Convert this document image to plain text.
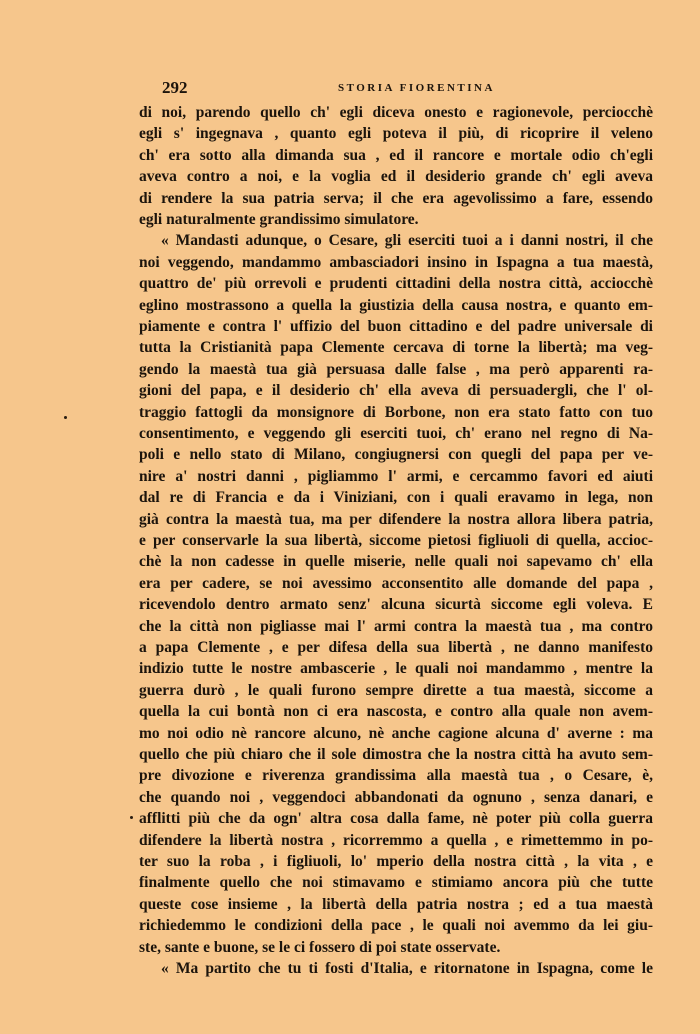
292	STORIA FIORENTINA
di noi, parendo quello ch' egli diceva onesto e ragionevole, perciocchè
egli s' ingegnava , quanto egli poteva il più, di ricoprire il veleno
ch' era sotto alla dimanda sua , ed il rancore e mortale odio ch'egli
aveva contro a noi, e la voglia ed il desiderio grande ch' egli aveva
di rendere la sua patria serva; il che era agevolissimo a fare, essendo
egli naturalmente grandissimo simulatore.
« Mandasti adunque, o Cesare, gli eserciti tuoi a i danni nostri, il che
noi veggendo, mandammo ambasciadori insino in Ispagna a tua maestà,
quattro de' più orrevoli e prudenti cittadini della nostra città, acciocchè
eglino mostrassono a quella la giustizia della causa nostra, e quanto em-
piamente e contra l' uffizio del buon cittadino e del padre universale di
tutta la Cristianità papa Clemente cercava di torne la libertà; ma veg-
gendo la maestà tua già persuasa dalle false , ma però apparenti ra-
gioni del papa, e il desiderio ch' ella aveva di persuadergli, che l' ol-
traggio fattogli da monsignore di Borbone, non era stato fatto con tuo
consentimento, e veggendo gli eserciti tuoi, ch' erano nel regno di Na-
poli e nello stato di Milano, congiugnersi con quegli del papa per ve-
nire a' nostri danni , pigliammo l' armi, e cercammo favori ed aiuti
dal re di Francia e da i Viniziani, con i quali eravamo in lega, non
già contra la maestà tua, ma per difendere la nostra allora libera patria,
e per conservarle la sua libertà, siccome pietosi figliuoli di quella, accioc-
chè la non cadesse in quelle miserie, nelle quali noi sapevamo ch' ella
era per cadere, se noi avessimo acconsentito alle domande del papa ,
ricevendolo dentro armato senz' alcuna sicurtà siccome egli voleva. E
che la città non pigliasse mai l' armi contra la maestà tua , ma contro
a papa Clemente , e per difesa della sua libertà , ne danno manifesto
indizio tutte le nostre ambascerie , le quali noi mandammo , mentre la
guerra durò , le quali furono sempre dirette a tua maestà, siccome a
quella la cui bontà non ci era nascosta, e contro alla quale non avem-
mo noi odio nè rancore alcuno, nè anche cagione alcuna d' averne : ma
quello che più chiaro che il sole dimostra che la nostra città ha avuto sem-
pre divozione e riverenza grandissima alla maestà tua , o Cesare, è,
che quando noi , veggendoci abbandonati da ognuno , senza danari, e
afflitti più che da ogn' altra cosa dalla fame, nè poter più colla guerra
difendere la libertà nostra , ricorremmo a quella , e rimettemmo in po-
ter suo la roba , i figliuoli, lo' mperio della nostra città , la vita , e
finalmente quello che noi stimavamo e stimiamo ancora più che tutte
queste cose insieme , la libertà della patria nostra ; ed a tua maestà
richiedemmo le condizioni della pace , le quali noi avemmo da lei giu-
ste, sante e buone, se le ci fossero di poi state osservate.
« Ma partito che tu ti fosti d'Italia, e ritornatone in Ispagna, come le
